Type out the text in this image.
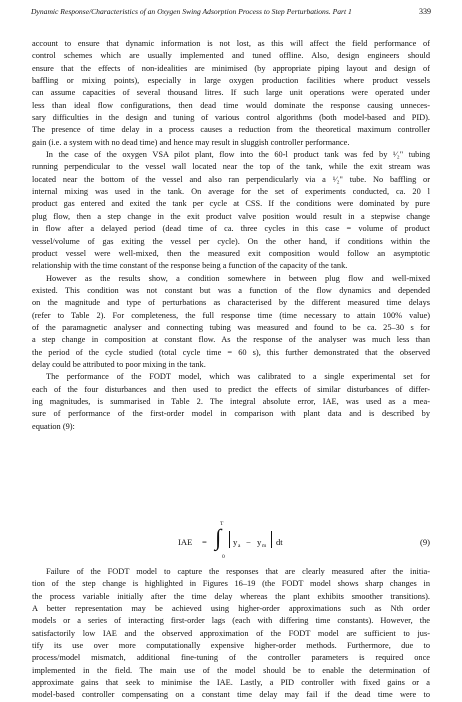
Dynamic Response/Characteristics of an Oxygen Swing Adsorption Process to Step Perturbations. Part 1	339
account to ensure that dynamic information is not lost, as this will affect the field performance of
control schemes which are usually implemented and tuned offline. Also, design engineers should
ensure that the effects of non-idealities are minimised (by appropriate piping layout and design of
baffling or mixing points), especially in large oxygen production facilities where product vessels
can assume capacities of several thousand litres. If such large unit operations were operated under
less than ideal flow configurations, then dead time would dominate the response causing unneces-
sary difficulties in the design and tuning of various control algorithms (both model-based and PID).
The presence of time delay in a process causes a reduction from the theoretical maximum controller
gain (i.e. a system with no dead time) and hence may result in sluggish controller performance.
In the case of the oxygen VSA pilot plant, flow into the 60-l product tank was fed by ¹⁄₂" tubing
running perpendicular to the vessel wall located near the top of the tank, while the exit stream was
located near the bottom of the vessel and also ran perpendicularly via a ¹⁄₂" tube. No baffling or
internal mixing was used in the tank. On average for the set of experiments conducted, ca. 20 l
product gas entered and exited the tank per cycle at CSS. If the conditions were dominated by pure
plug flow, then a step change in the exit product valve position would result in a stepwise change
in flow after a delayed period (dead time of ca. three cycles in this case = volume of product
vessel/volume of gas exiting the vessel per cycle). On the other hand, if conditions within the
product vessel were well-mixed, then the measured exit composition would follow an asymptotic
relationship with the time constant of the response being a function of the capacity of the tank.
However as the results show, a condition somewhere in between plug flow and well-mixed
existed. This condition was not constant but was a function of the flow dynamics and depended
on the magnitude and type of perturbations as characterised by the different measured time delays
(refer to Table 2). For completeness, the full response time (time necessary to attain 100% value)
of the paramagnetic analyser and connecting tubing was measured and found to be ca. 25–30 s for
a step change in composition at constant flow. As the response of the analyser was much less than
the period of the cycle studied (total cycle time = 60 s), this further demonstrated that the observed
delay could be attributed to poor mixing in the tank.
The performance of the FODT model, which was calibrated to a single experimental set for
each of the four disturbances and then used to predict the effects of similar disturbances of differ-
ing magnitudes, is summarised in Table 2. The integral absolute error, IAE, was used as a mea-
sure of performance of the first-order model in comparison with plant data and is described by
equation (9):
IAE =
T
∫
0
y a − y m dt	(9)
Failure of the FODT model to capture the responses that are clearly measured after the initia-
tion of the step change is highlighted in Figures 16–19 (the FODT model shows sharp changes in
the process variable initially after the time delay whereas the plant exhibits smoother transitions).
A better representation may be achieved using higher-order approximations such as Nth order
models or a series of interacting first-order lags (each with differing time constants). However, the
satisfactorily low IAE and the observed approximation of the FODT model are sufficient to jus-
tify its use over more computationally expensive higher-order methods. Furthermore, due to
process/model mismatch, additional fine-tuning of the controller parameters is required once
implemented in the field. The main use of the model should be to enable the determination of
approximate gains that seek to minimise the IAE. Lastly, a PID controller with fixed gains or a
model-based controller compensating on a constant time delay may fail if the dead time were to
